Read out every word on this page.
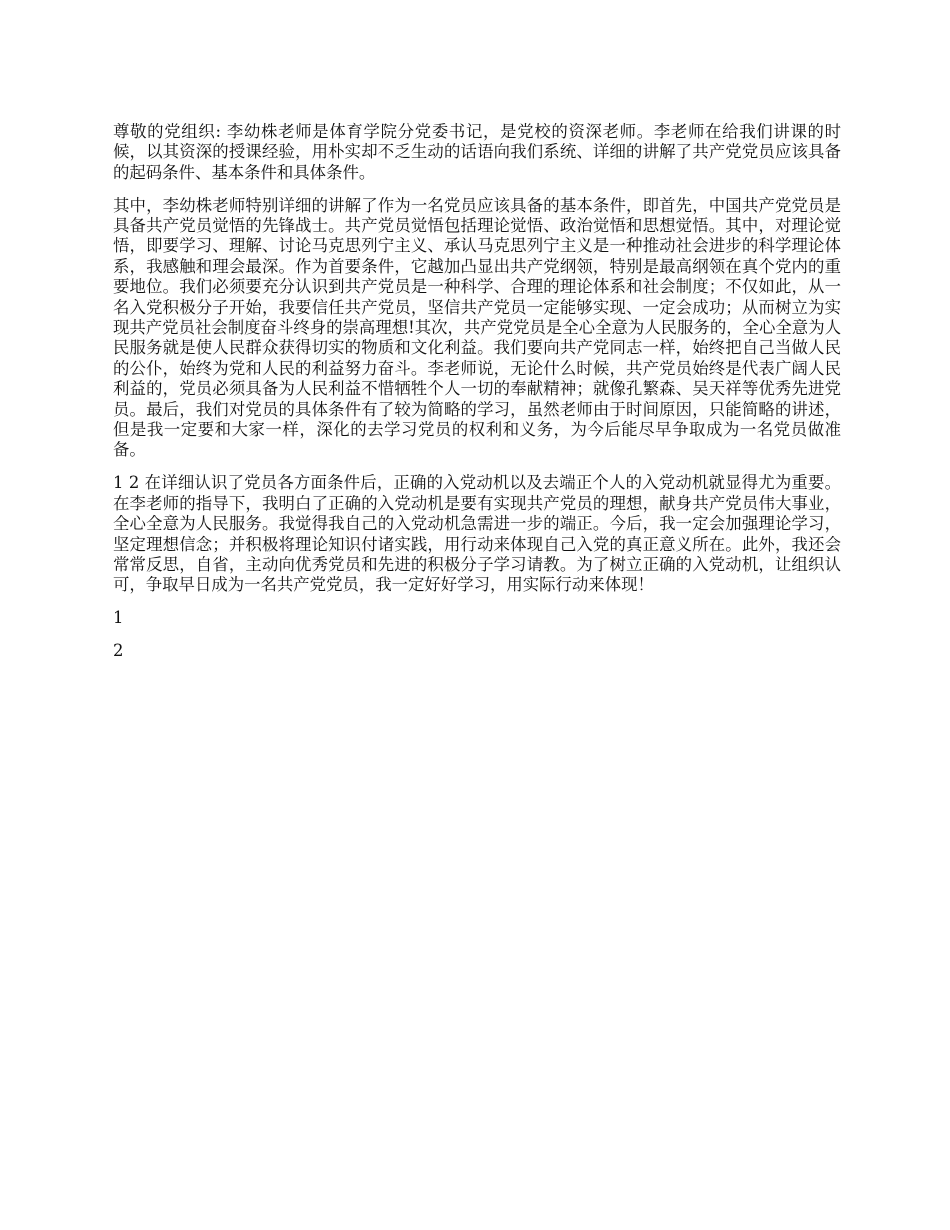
尊敬的党组织: 李幼株老师是体育学院分党委书记，是党校的资深老师。李老师在给我们讲课的时候，以其资深的授课经验，用朴实却不乏生动的话语向我们系统、详细的讲解了共产党党员应该具备的起码条件、基本条件和具体条件。

其中，李幼株老师特别详细的讲解了作为一名党员应该具备的基本条件，即首先，中国共产党党员是具备共产党员觉悟的先锋战士。共产党员觉悟包括理论觉悟、政治觉悟和思想觉悟。其中，对理论觉悟，即要学习、理解、讨论马克思列宁主义、承认马克思列宁主义是一种推动社会进步的科学理论体系，我感触和理会最深。作为首要条件，它越加凸显出共产党纲领，特别是最高纲领在真个党内的重要地位。我们必须要充分认识到共产党员是一种科学、合理的理论体系和社会制度；不仅如此，从一名入党积极分子开始，我要信任共产党员，坚信共产党员一定能够实现、一定会成功；从而树立为实现共产党员社会制度奋斗终身的崇高理想!其次，共产党党员是全心全意为人民服务的，全心全意为人民服务就是使人民群众获得切实的物质和文化利益。我们要向共产党同志一样，始终把自己当做人民的公仆，始终为党和人民的利益努力奋斗。李老师说，无论什么时候，共产党员始终是代表广阔人民利益的，党员必须具备为人民利益不惜牺牲个人一切的奉献精神；就像孔繁森、吴天祥等优秀先进党员。最后，我们对党员的具体条件有了较为简略的学习，虽然老师由于时间原因，只能简略的讲述，但是我一定要和大家一样，深化的去学习党员的权利和义务，为今后能尽早争取成为一名党员做准备。

1 2 在详细认识了党员各方面条件后，正确的入党动机以及去端正个人的入党动机就显得尤为重要。在李老师的指导下，我明白了正确的入党动机是要有实现共产党员的理想，献身共产党员伟大事业，全心全意为人民服务。我觉得我自己的入党动机急需进一步的端正。今后，我一定会加强理论学习，坚定理想信念；并积极将理论知识付诸实践，用行动来体现自己入党的真正意义所在。此外，我还会常常反思，自省，主动向优秀党员和先进的积极分子学习请教。为了树立正确的入党动机，让组织认可，争取早日成为一名共产党党员，我一定好好学习，用实际行动来体现！

1

2
